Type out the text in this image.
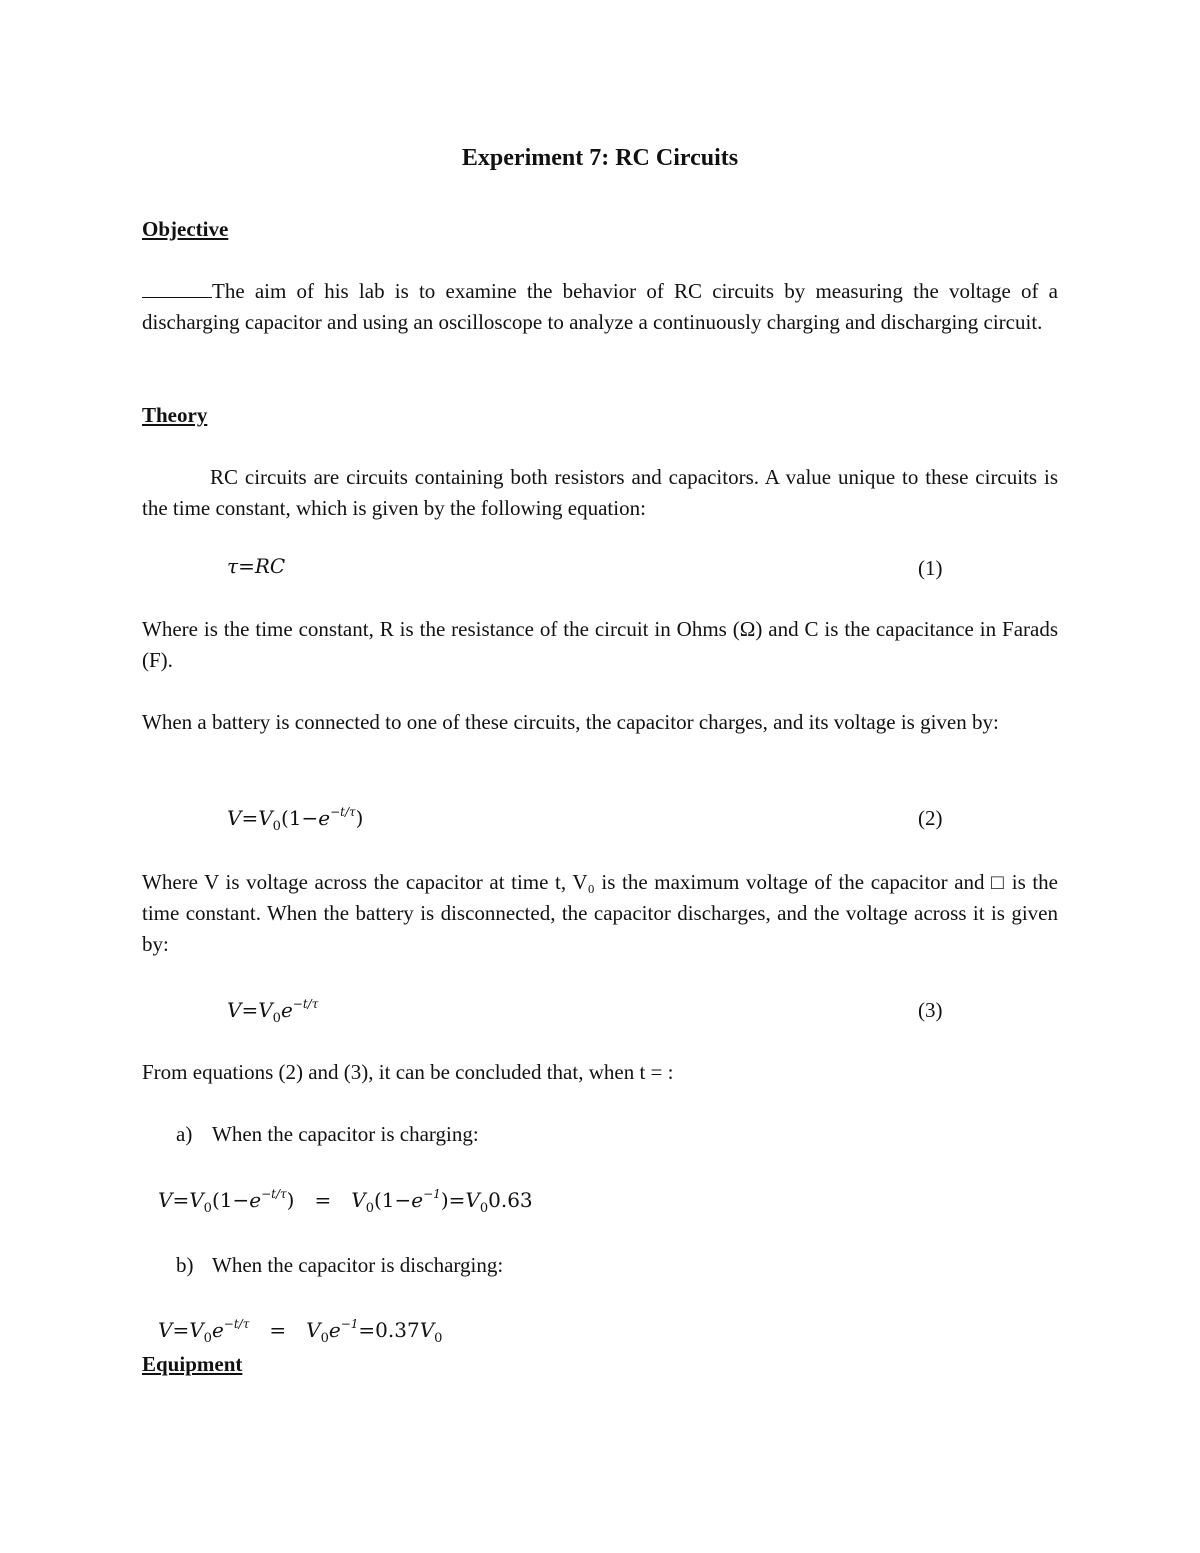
Experiment 7: RC Circuits
Objective
The aim of his lab is to examine the behavior of RC circuits by measuring the voltage of a discharging capacitor and using an oscilloscope to analyze a continuously charging and discharging circuit.
Theory
RC circuits are circuits containing both resistors and capacitors. A value unique to these circuits is the time constant, which is given by the following equation:
τ=RC	(1)
Where is the time constant, R is the resistance of the circuit in Ohms (Ω) and C is the capacitance in Farads (F).
When a battery is connected to one of these circuits, the capacitor charges, and its voltage is given by:
$V=V_0(1-e^{-t/\tau})$	(2)
Where V is voltage across the capacitor at time t, V₀ is the maximum voltage of the capacitor and □ is the time constant. When the battery is disconnected, the capacitor discharges, and the voltage across it is given by:
$V=V_0e^{-t/\tau}$	(3)
From equations (2) and (3), it can be concluded that, when t = :
a) When the capacitor is charging:
$V=V_0(1-e^{-t/\tau}) = V_0(1-e^{-1})=V_00.63$
b) When the capacitor is discharging:
$V=V_0e^{-t/\tau} = V_0e^{-1}=0.37V_0$
Equipment
